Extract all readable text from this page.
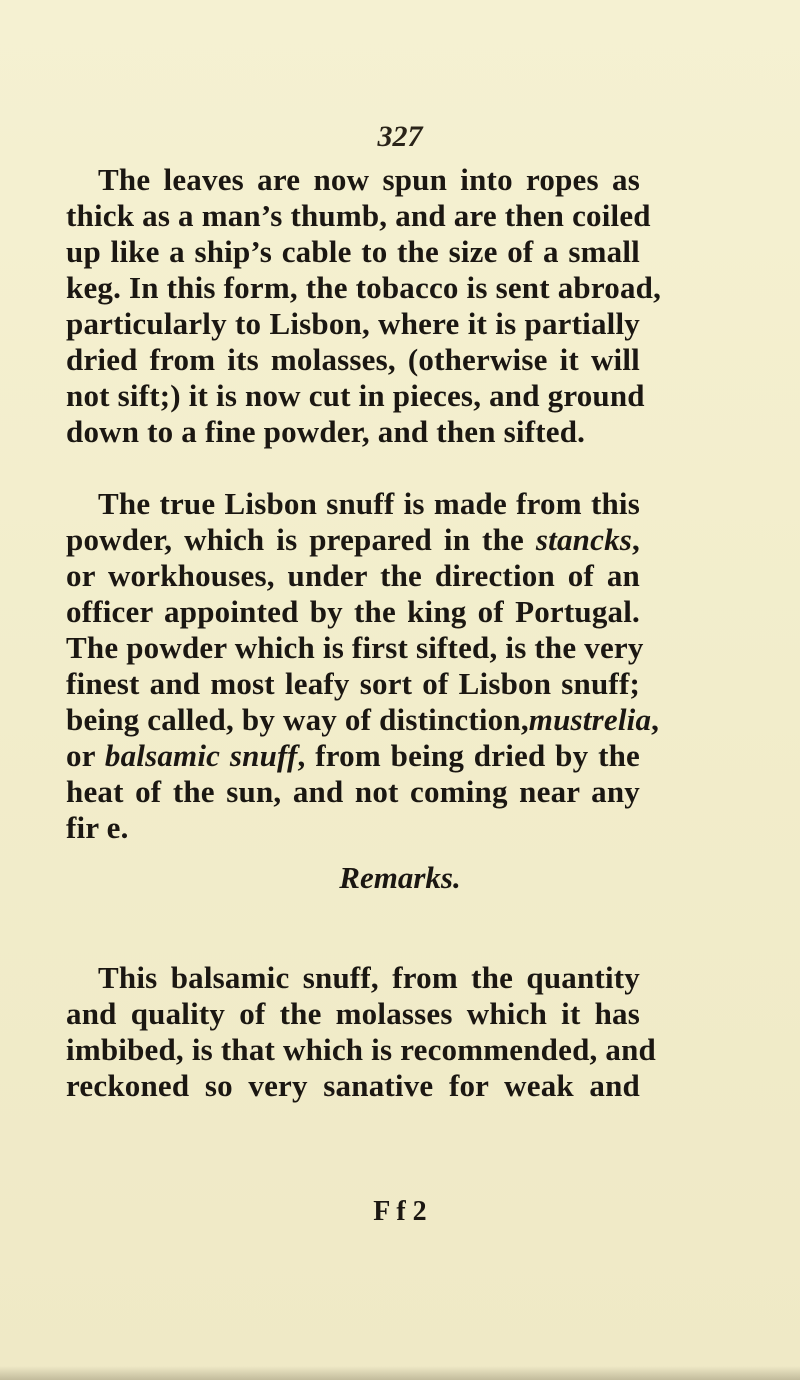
327
The leaves are now spun into ropes as
thick as a man’s thumb, and are then coiled
up like a ship’s cable to the size of a small
keg. In this form, the tobacco is sent abroad,
particularly to Lisbon, where it is partially
dried from its molasses, (otherwise it will
not sift;) it is now cut in pieces, and ground
down to a fine powder, and then sifted.
The true Lisbon snuff is made from this
powder, which is prepared in the stancks,
or workhouses, under the direction of an
officer appointed by the king of Portugal.
The powder which is first sifted, is the very
finest and most leafy sort of Lisbon snuff;
being called, by way of distinction,mustrelia,
or balsamic snuff, from being dried by the
heat of the sun, and not coming near any
fir e.
Remarks.
This balsamic snuff, from the quantity
and quality of the molasses which it has
imbibed, is that which is recommended, and
reckoned so very sanative for weak and
F f 2
